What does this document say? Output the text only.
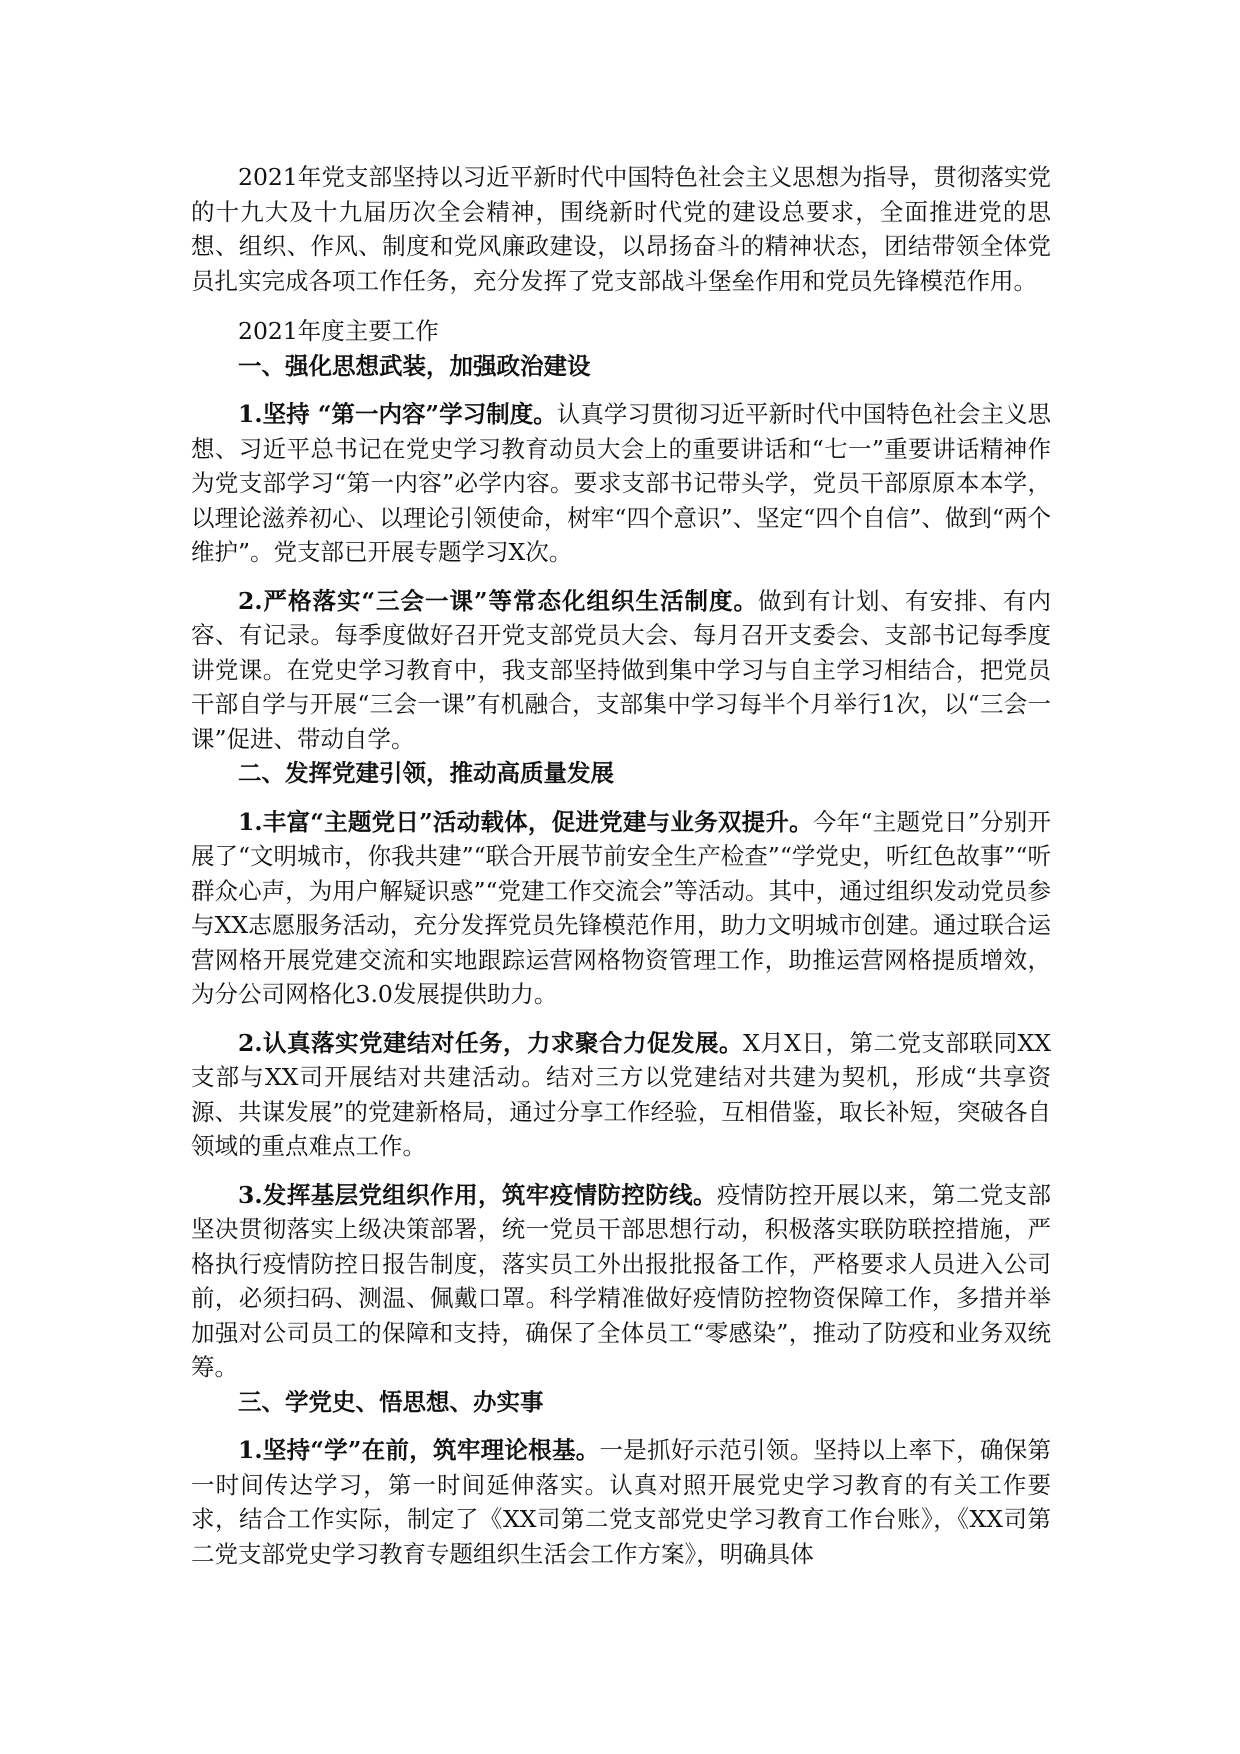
2021年党支部坚持以习近平新时代中国特色社会主义思想为指导，贯彻落实党的十九大及十九届历次全会精神，围绕新时代党的建设总要求，全面推进党的思想、组织、作风、制度和党风廉政建设，以昂扬奋斗的精神状态，团结带领全体党员扎实完成各项工作任务，充分发挥了党支部战斗堡垒作用和党员先锋模范作用。

2021年度主要工作

一、强化思想武装，加强政治建设

1.坚持 “第一内容”学习制度。认真学习贯彻习近平新时代中国特色社会主义思想、习近平总书记在党史学习教育动员大会上的重要讲话和“七一”重要讲话精神作为党支部学习“第一内容”必学内容。要求支部书记带头学，党员干部原原本本学，以理论滋养初心、以理论引领使命，树牢“四个意识”、坚定“四个自信”、做到“两个维护”。党支部已开展专题学习X次。

2.严格落实“三会一课”等常态化组织生活制度。做到有计划、有安排、有内容、有记录。每季度做好召开党支部党员大会、每月召开支委会、支部书记每季度讲党课。在党史学习教育中，我支部坚持做到集中学习与自主学习相结合，把党员干部自学与开展“三会一课”有机融合，支部集中学习每半个月举行1次，以“三会一课”促进、带动自学。

二、发挥党建引领，推动高质量发展

1.丰富“主题党日”活动载体，促进党建与业务双提升。今年“主题党日”分别开展了“文明城市，你我共建”“联合开展节前安全生产检查”“学党史，听红色故事”“听群众心声，为用户解疑识惑”“党建工作交流会”等活动。其中，通过组织发动党员参与XX志愿服务活动，充分发挥党员先锋模范作用，助力文明城市创建。通过联合运营网格开展党建交流和实地跟踪运营网格物资管理工作，助推运营网格提质增效，为分公司网格化3.0发展提供助力。

2.认真落实党建结对任务，力求聚合力促发展。X月X日，第二党支部联同XX支部与XX司开展结对共建活动。结对三方以党建结对共建为契机，形成“共享资源、共谋发展”的党建新格局，通过分享工作经验，互相借鉴，取长补短，突破各自领域的重点难点工作。

3.发挥基层党组织作用，筑牢疫情防控防线。疫情防控开展以来，第二党支部坚决贯彻落实上级决策部署，统一党员干部思想行动，积极落实联防联控措施，严格执行疫情防控日报告制度，落实员工外出报批报备工作，严格要求人员进入公司前，必须扫码、测温、佩戴口罩。科学精准做好疫情防控物资保障工作，多措并举加强对公司员工的保障和支持，确保了全体员工“零感染”，推动了防疫和业务双统筹。

三、学党史、悟思想、办实事

1.坚持“学”在前，筑牢理论根基。一是抓好示范引领。坚持以上率下，确保第一时间传达学习，第一时间延伸落实。认真对照开展党史学习教育的有关工作要求，结合工作实际，制定了《XX司第二党支部党史学习教育工作台账》，《XX司第二党支部党史学习教育专题组织生活会工作方案》，明确具体
